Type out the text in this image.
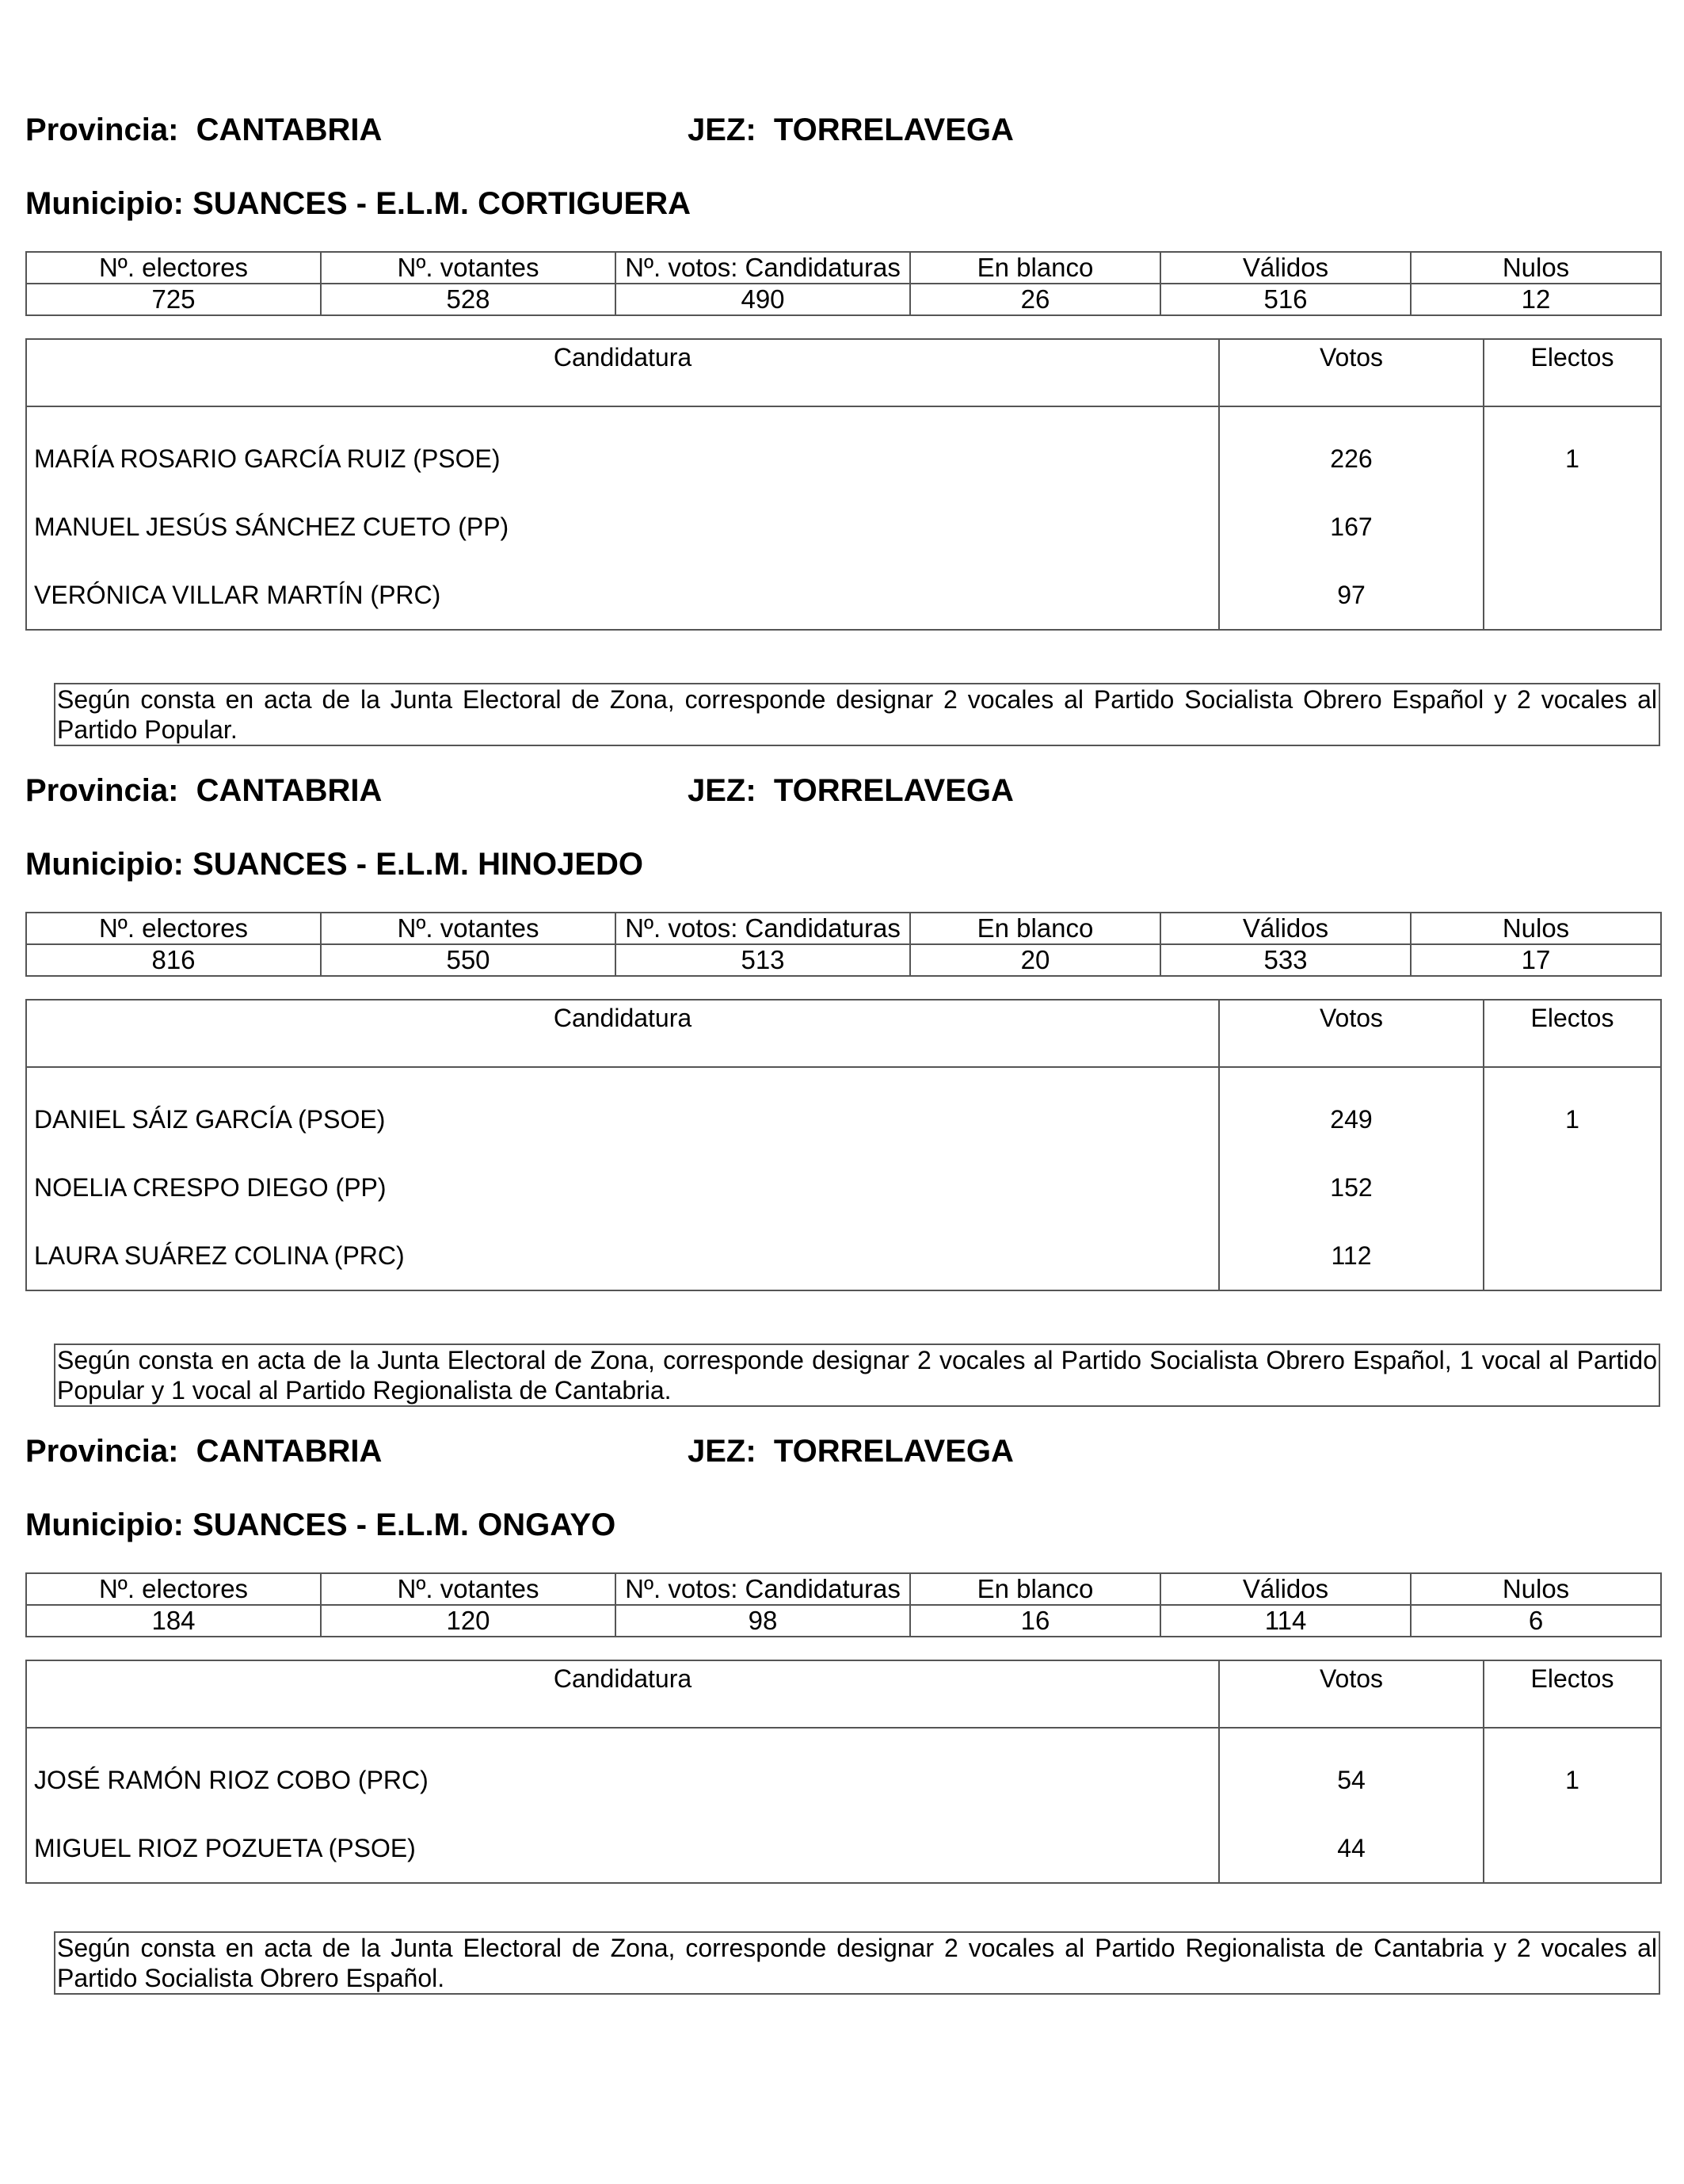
Provincia: CANTABRIA	JEZ: TORRELAVEGA
Municipio: SUANCES - E.L.M. CORTIGUERA
Nº. electores	Nº. votantes	Nº. votos: Candidaturas	En blanco	Válidos	Nulos
725	528	490	26	516	12
Candidatura	Votos	Electos
MARÍA ROSARIO GARCÍA RUIZ (PSOE)	226	1
MANUEL JESÚS SÁNCHEZ CUETO (PP)	167	
VERÓNICA VILLAR MARTÍN (PRC)	97	
Según consta en acta de la Junta Electoral de Zona, corresponde designar 2 vocales al Partido Socialista Obrero Español y 2 vocales al Partido Popular.
Provincia: CANTABRIA	JEZ: TORRELAVEGA
Municipio: SUANCES - E.L.M. HINOJEDO
Nº. electores	Nº. votantes	Nº. votos: Candidaturas	En blanco	Válidos	Nulos
816	550	513	20	533	17
Candidatura	Votos	Electos
DANIEL SÁIZ GARCÍA (PSOE)	249	1
NOELIA CRESPO DIEGO (PP)	152	
LAURA SUÁREZ COLINA (PRC)	112	
Según consta en acta de la Junta Electoral de Zona, corresponde designar 2 vocales al Partido Socialista Obrero Español, 1 vocal al Partido Popular y 1 vocal al Partido Regionalista de Cantabria.
Provincia: CANTABRIA	JEZ: TORRELAVEGA
Municipio: SUANCES - E.L.M. ONGAYO
Nº. electores	Nº. votantes	Nº. votos: Candidaturas	En blanco	Válidos	Nulos
184	120	98	16	114	6
Candidatura	Votos	Electos
JOSÉ RAMÓN RIOZ COBO (PRC)	54	1
MIGUEL RIOZ POZUETA (PSOE)	44	
Según consta en acta de la Junta Electoral de Zona, corresponde designar 2 vocales al Partido Regionalista de Cantabria y 2 vocales al Partido Socialista Obrero Español.
